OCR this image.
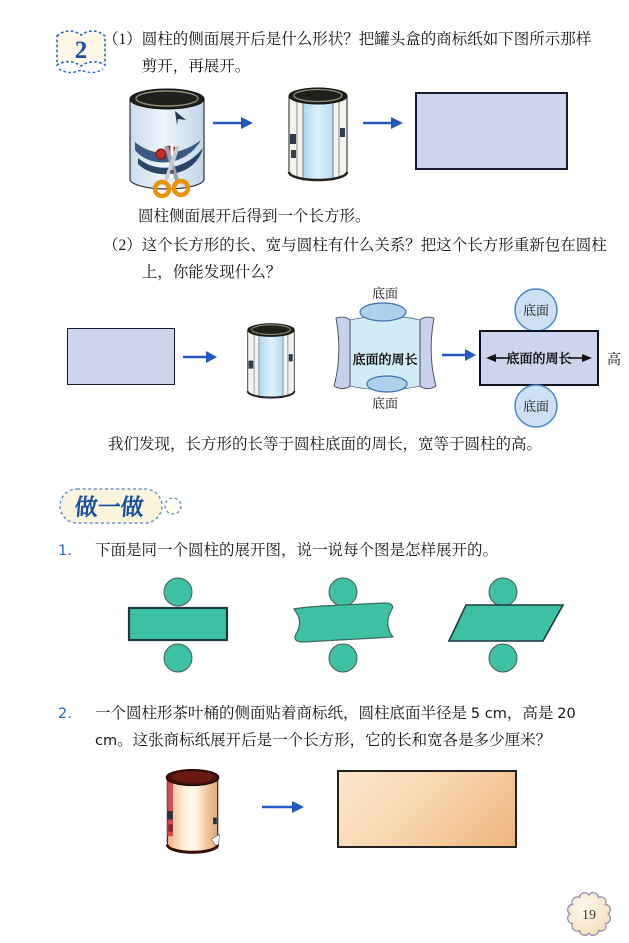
2 （1） 圆柱的侧面展开后是什么形状？把罐头盒的商标纸如下图所示那样剪开，再展开。
圆柱侧面展开后得到一个长方形。
（2） 这个长方形的长、宽与圆柱有什么关系？把这个长方形重新包在圆柱上，你能发现什么？
底面
底面的周长
底面
底面
底面的周长	高
底面
我们发现，长方形的长等于圆柱底面的周长，宽等于圆柱的高。
做一做
1.	下面是同一个圆柱的展开图，说一说每个图是怎样展开的。
2.	一个圆柱形茶叶桶的侧面贴着商标纸，圆柱底面半径是 5 cm，高是 20 cm。这张商标纸展开后是一个长方形，它的长和宽各是多少厘米？
19
